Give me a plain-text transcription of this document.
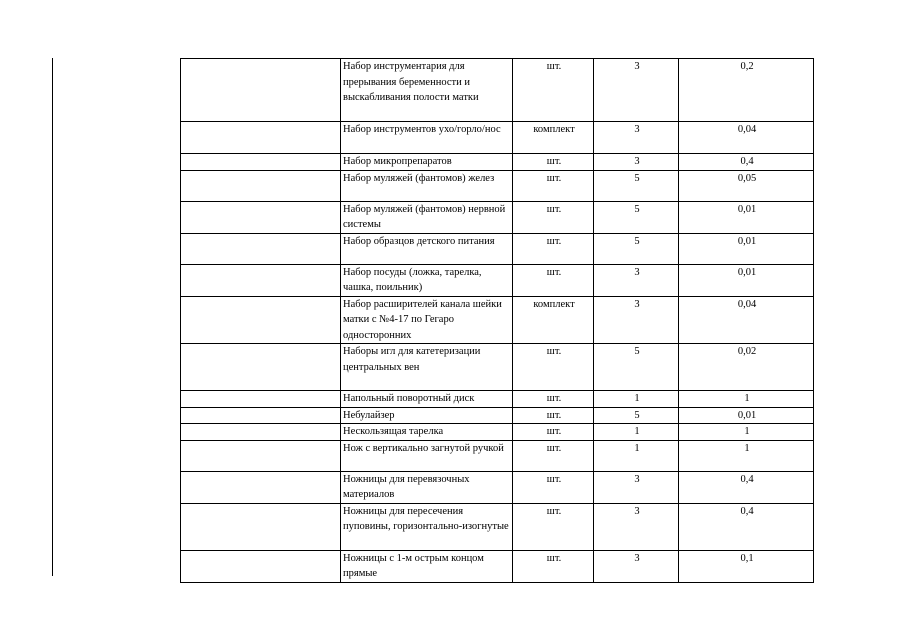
	Набор инструментария для прерывания беременности и выскабливания полости матки	шт.	3	0,2
	Набор инструментов ухо/горло/нос	комплект	3	0,04
	Набор микропрепаратов	шт.	3	0,4
	Набор муляжей (фантомов) желез	шт.	5	0,05
	Набор муляжей (фантомов) нервной системы	шт.	5	0,01
	Набор образцов детского питания	шт.	5	0,01
	Набор посуды (ложка, тарелка, чашка, поильник)	шт.	3	0,01
	Набор расширителей канала шейки матки с №4-17 по Гегаро односторонних	комплект	3	0,04
	Наборы игл для катетеризации центральных вен	шт.	5	0,02
	Напольный поворотный диск	шт.	1	1
	Небулайзер	шт.	5	0,01
	Нескользящая тарелка	шт.	1	1
	Нож с вертикально загнутой ручкой	шт.	1	1
	Ножницы для перевязочных материалов	шт.	3	0,4
	Ножницы для пересечения пуповины, горизонтально-изогнутые	шт.	3	0,4
	Ножницы с 1-м острым концом прямые	шт.	3	0,1
